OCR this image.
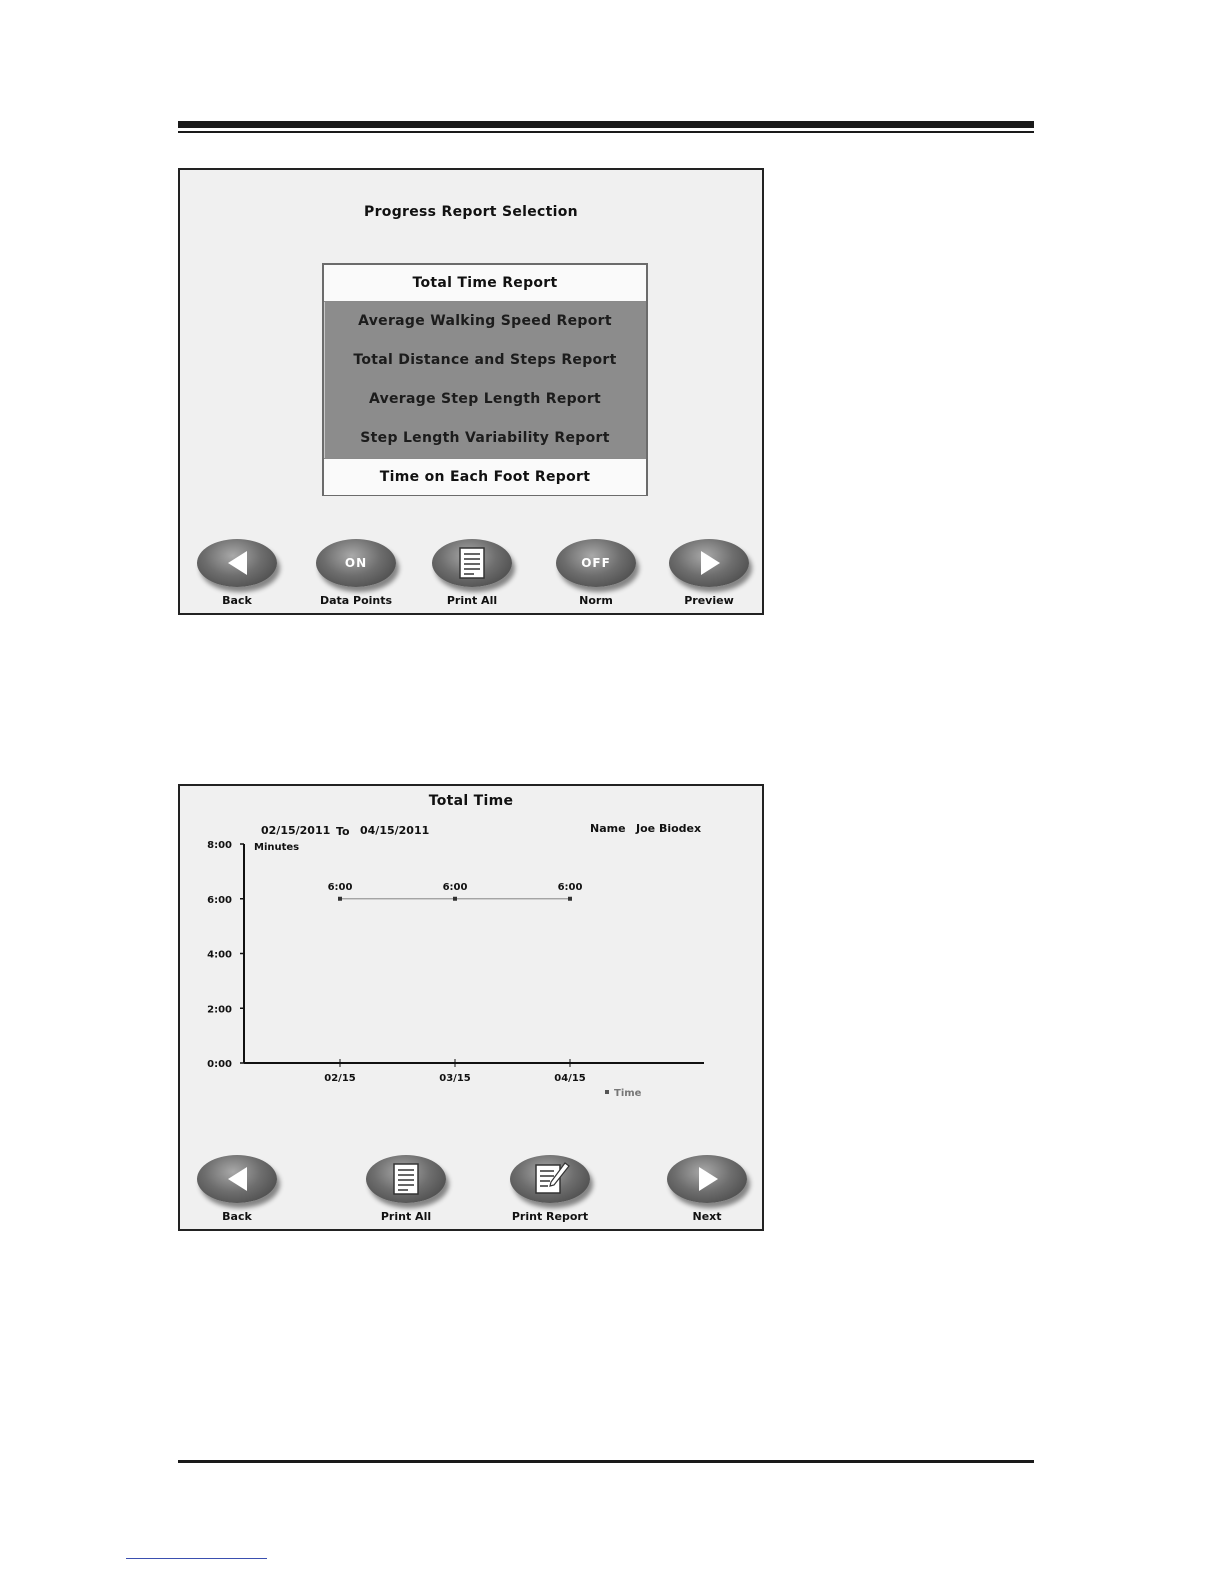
Progress Report Selection
Total Time Report
Average Walking Speed Report
Total Distance and Steps Report
Average Step Length Report
Step Length Variability Report
Time on Each Foot Report
Back
ON
Data Points	Print All
OFF
Norm	Preview
Total Time
02/15/2011 To 04/15/2011	Name Joe Biodex
0:00
2:00
4:00
6:00
8:00 Minutes
02/15	03/15	04/15
6:00	6:00	6:00
Time
Back	Print All	Print Report	Next
